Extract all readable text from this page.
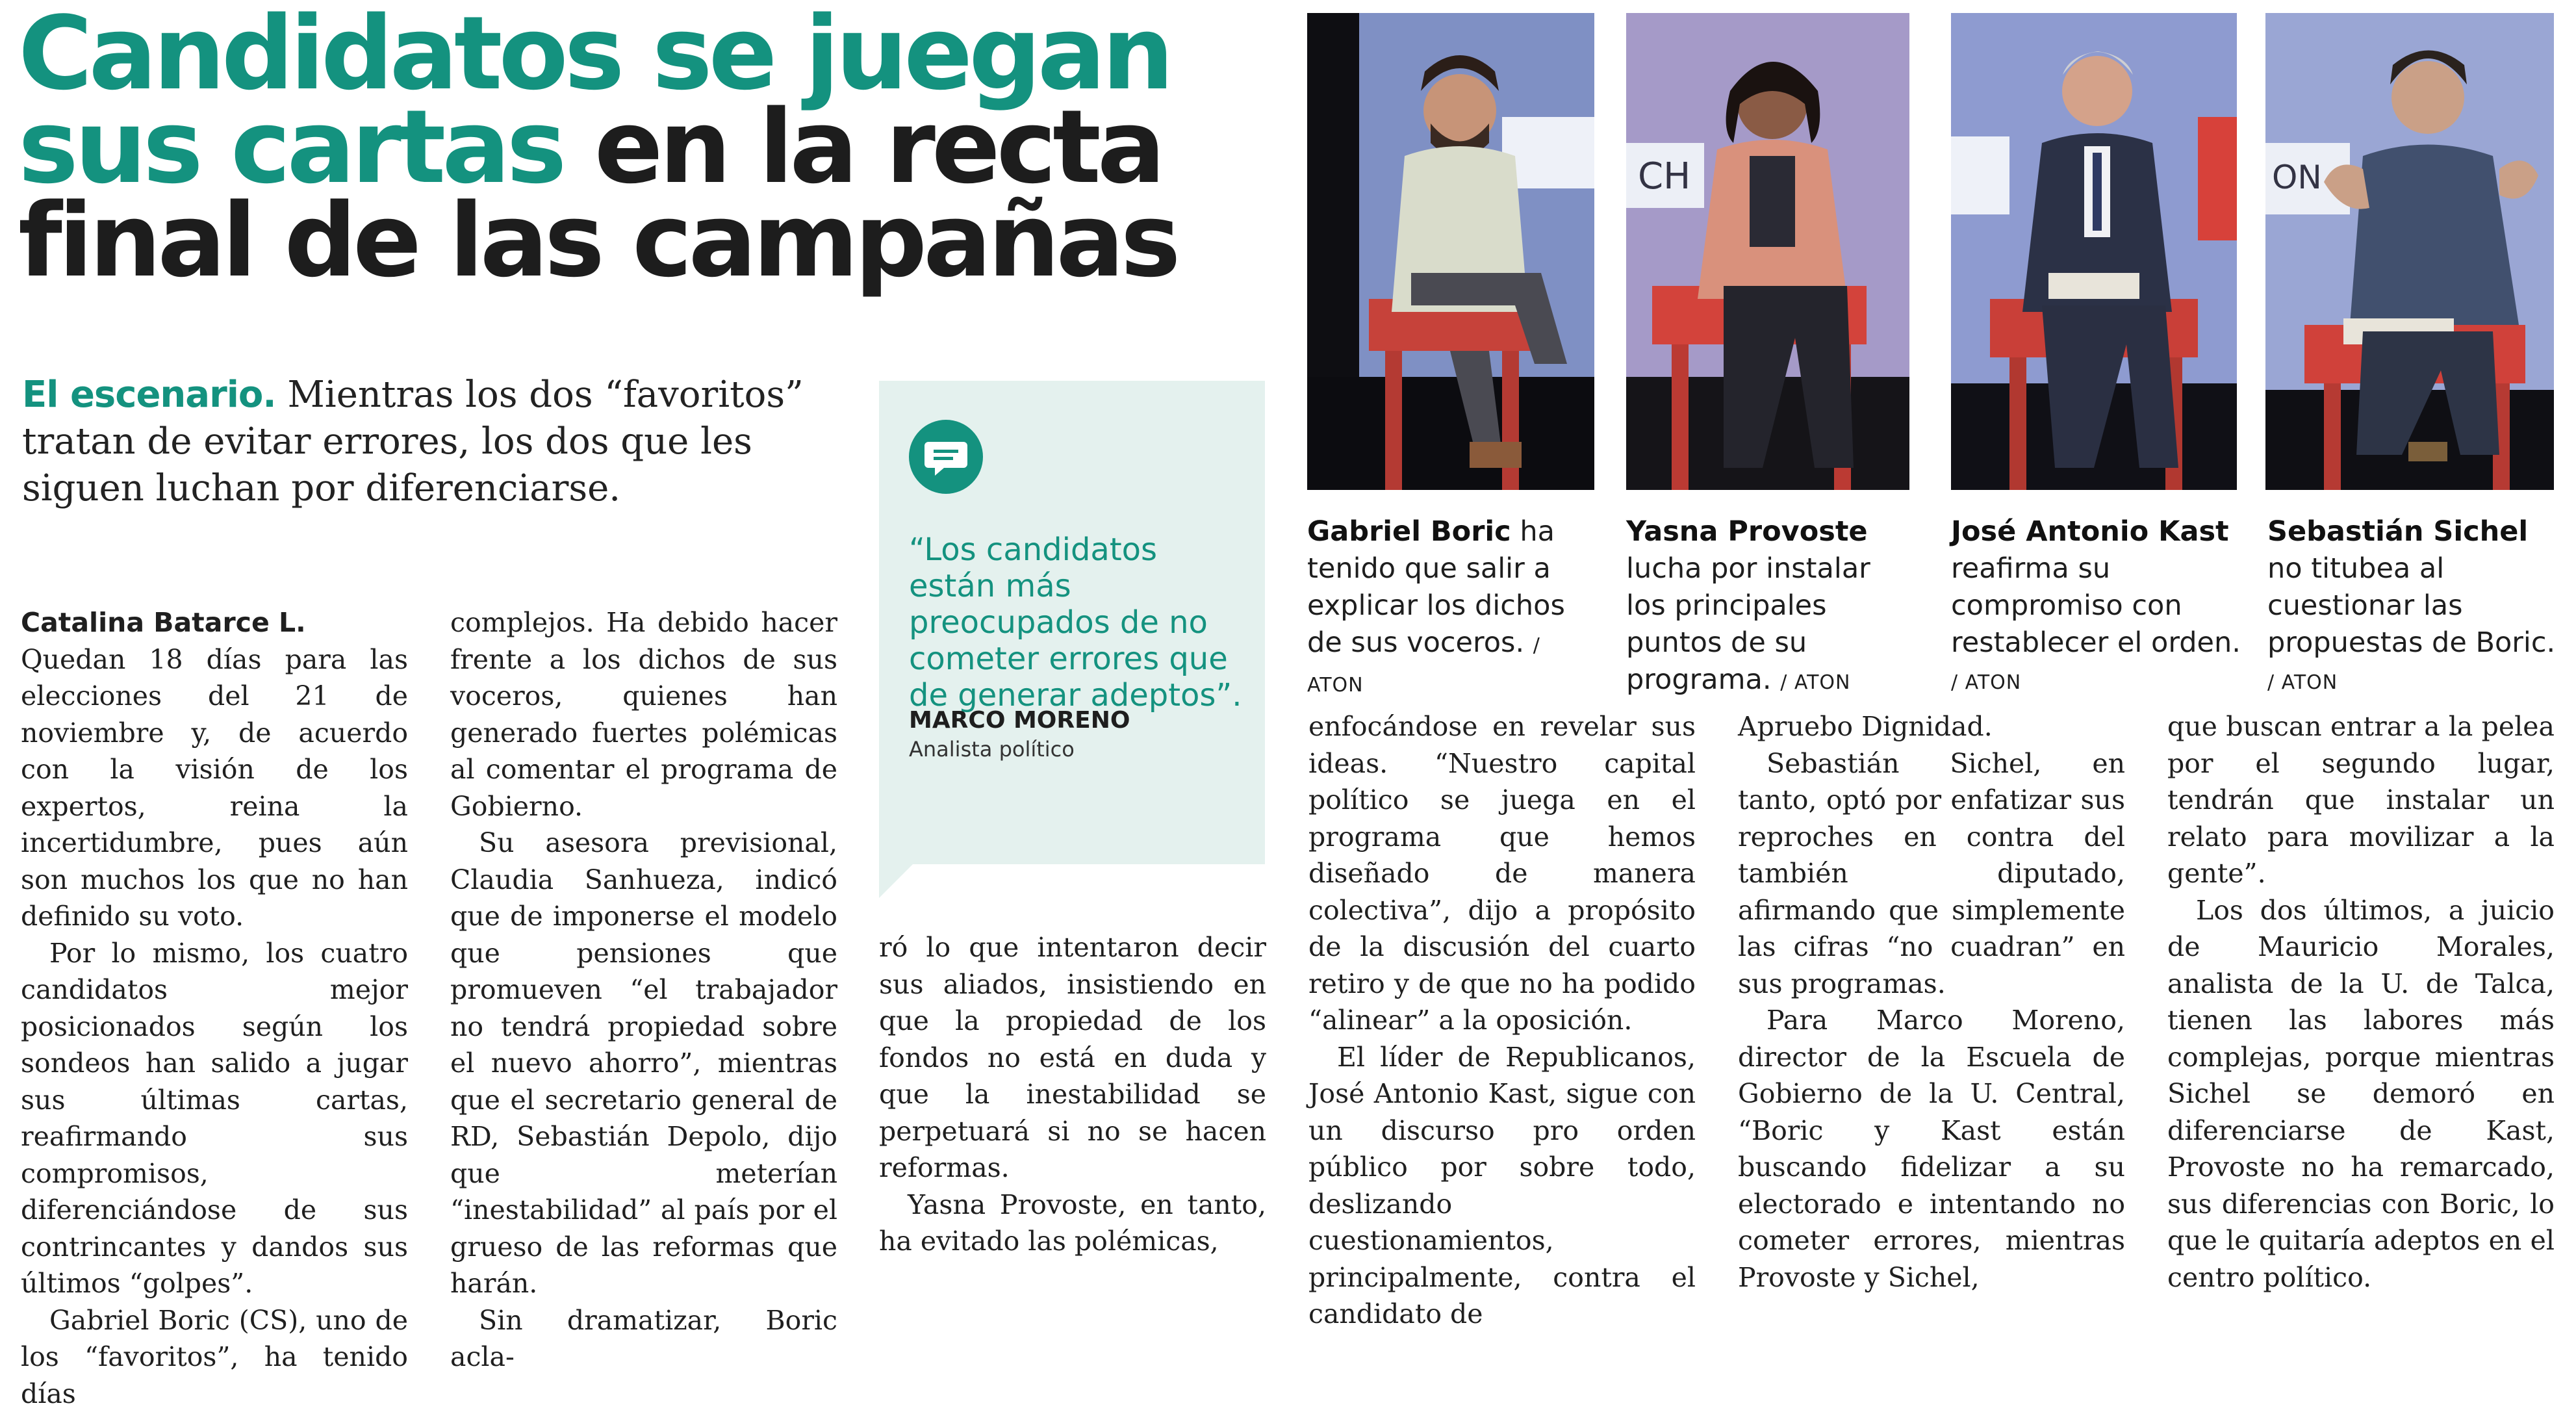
Candidatos se juegan
sus cartas en la recta
final de las campañas
El escenario. Mientras los dos “favoritos” tratan de evitar errores, los dos que les siguen luchan por diferenciarse.

Catalina Batarce L.

Quedan 18 días para las elecciones del 21 de noviembre y, de acuerdo con la visión de los expertos, reina la incertidumbre, pues aún son muchos los que no han definido su voto.

Por lo mismo, los cuatro candidatos mejor posicionados según los sondeos han salido a jugar sus últimas cartas, reafirmando sus compromisos, diferenciándose de sus contrincantes y dandos sus últimos “golpes”.

Gabriel Boric (CS), uno de los “favoritos”, ha tenido días

complejos. Ha debido hacer frente a los dichos de sus voceros, quienes han generado fuertes polémicas al comentar el programa de Gobierno.

Su asesora previsional, Claudia Sanhueza, indicó que de imponerse el modelo que pensiones que promueven “el trabajador no tendrá propiedad sobre el nuevo ahorro”, mientras que el secretario general de RD, Sebastián Depolo, dijo que meterían “inestabilidad” al país por el grueso de las reformas que harán.

Sin dramatizar, Boric acla-

“Los candidatos están más preocupados de no cometer errores que de generar adeptos”.
MARCO MORENO
Analista político

ró lo que intentaron decir sus aliados, insistiendo en que la propiedad de los fondos no está en duda y que la inestabilidad se perpetuará si no se hacen reformas.

Yasna Provoste, en tanto, ha evitado las polémicas,

enfocándose en revelar sus ideas. “Nuestro capital político se juega en el programa que hemos diseñado de manera colectiva”, dijo a propósito de la discusión del cuarto retiro y de que no ha podido “alinear” a la oposición.

El líder de Republicanos, José Antonio Kast, sigue con un discurso pro orden público por sobre todo, deslizando cuestionamientos, principalmente, contra el candidato de

Apruebo Dignidad.

Sebastián Sichel, en tanto, optó por enfatizar sus reproches en contra del también diputado, afirmando que simplemente las cifras “no cuadran” en sus programas.

Para Marco Moreno, director de la Escuela de Gobierno de la U. Central, “Boric y Kast están buscando fidelizar a su electorado e intentando no cometer errores, mientras Provoste y Sichel,

que buscan entrar a la pelea por el segundo lugar, tendrán que instalar un relato para movilizar a la gente”.

Los dos últimos, a juicio de Mauricio Morales, analista de la U. de Talca, tienen las labores más complejas, porque mientras Sichel se demoró en diferenciarse de Kast, Provoste no ha remarcado, sus diferencias con Boric, lo que le quitaría adeptos en el centro político.

CH	ON
Gabriel Boric ha tenido que salir a explicar los dichos de sus voceros. / ATON
Yasna Provoste lucha por instalar los principales puntos de su programa. / ATON
José Antonio Kast reafirma su compromiso con restablecer el orden. / ATON
Sebastián Sichel no titubea al cuestionar las propuestas de Boric. / ATON
